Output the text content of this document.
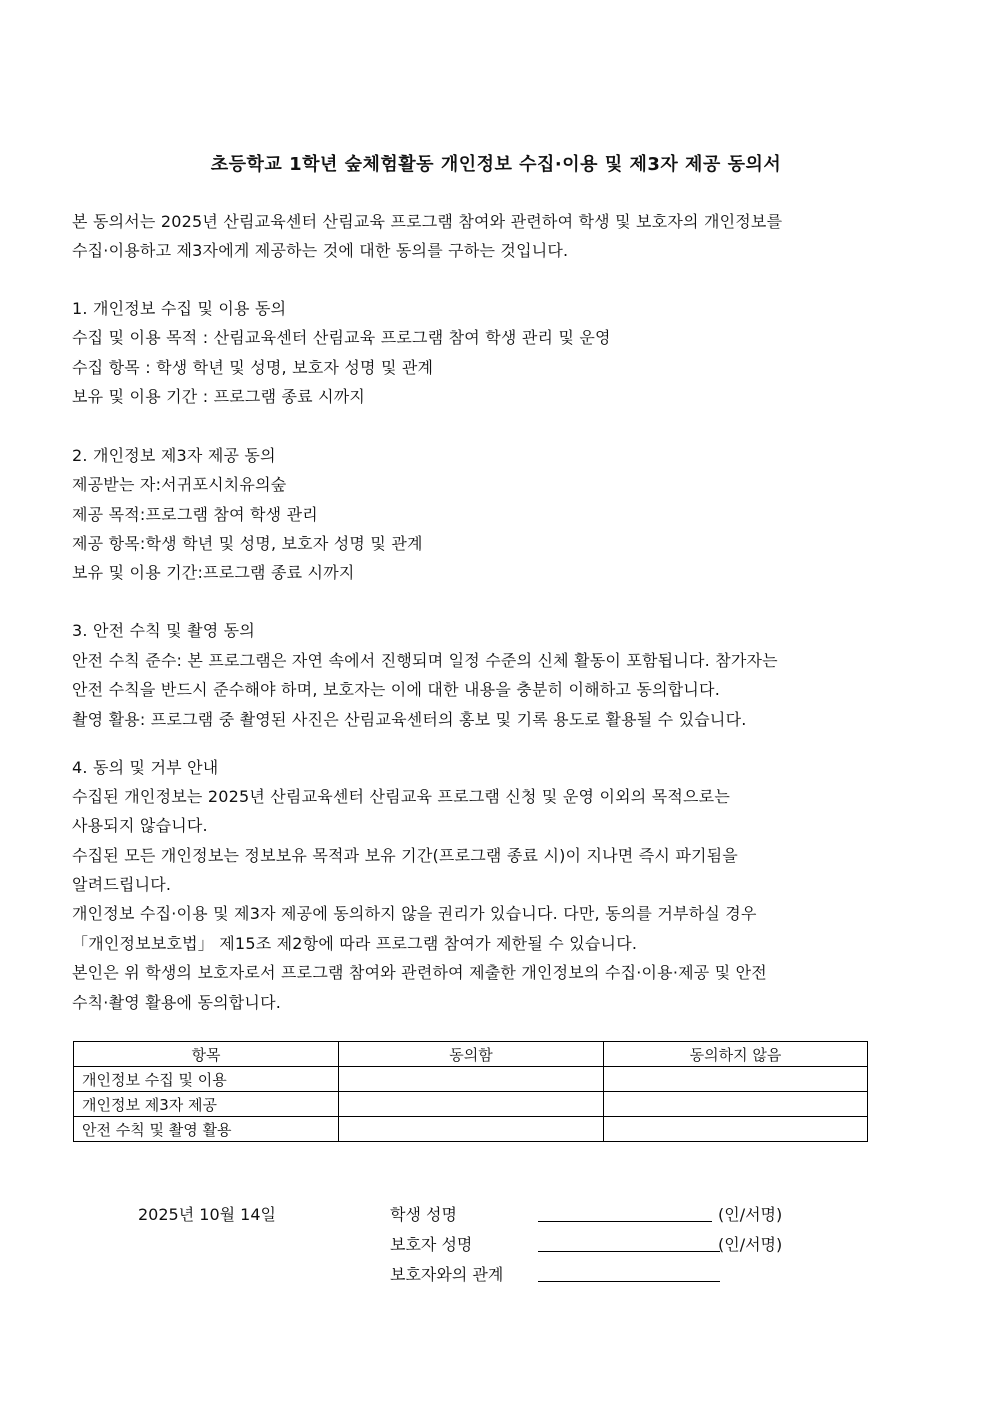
초등학교 1학년 숲체험활동 개인정보 수집·이용 및 제3자 제공 동의서
본 동의서는 2025년 산림교육센터 산림교육 프로그램 참여와 관련하여 학생 및 보호자의 개인정보를
수집·이용하고 제3자에게 제공하는 것에 대한 동의를 구하는 것입니다.
1. 개인정보 수집 및 이용 동의
수집 및 이용 목적 : 산림교육센터 산림교육 프로그램 참여 학생 관리 및 운영
수집 항목 : 학생 학년 및 성명, 보호자 성명 및 관계
보유 및 이용 기간 : 프로그램 종료 시까지
2. 개인정보 제3자 제공 동의
제공받는 자:서귀포시치유의숲
제공 목적:프로그램 참여 학생 관리
제공 항목:학생 학년 및 성명, 보호자 성명 및 관계
보유 및 이용 기간:프로그램 종료 시까지
3. 안전 수칙 및 촬영 동의
안전 수칙 준수: 본 프로그램은 자연 속에서 진행되며 일정 수준의 신체 활동이 포함됩니다. 참가자는
안전 수칙을 반드시 준수해야 하며, 보호자는 이에 대한 내용을 충분히 이해하고 동의합니다.
촬영 활용: 프로그램 중 촬영된 사진은 산림교육센터의 홍보 및 기록 용도로 활용될 수 있습니다.
4. 동의 및 거부 안내
수집된 개인정보는 2025년 산림교육센터 산림교육 프로그램 신청 및 운영 이외의 목적으로는
사용되지 않습니다.
수집된 모든 개인정보는 정보보유 목적과 보유 기간(프로그램 종료 시)이 지나면 즉시 파기됨을
알려드립니다.
개인정보 수집·이용 및 제3자 제공에 동의하지 않을 권리가 있습니다. 다만, 동의를 거부하실 경우
「개인정보보호법」 제15조 제2항에 따라 프로그램 참여가 제한될 수 있습니다.
본인은 위 학생의 보호자로서 프로그램 참여와 관련하여 제출한 개인정보의 수집·이용·제공 및 안전
수칙·촬영 활용에 동의합니다.
항목	동의함	동의하지 않음
개인정보 수집 및 이용		
개인정보 제3자 제공		
안전 수칙 및 촬영 활용		
2025년 10월 14일	학생 성명	(인/서명)
보호자 성명	(인/서명)
보호자와의 관계
